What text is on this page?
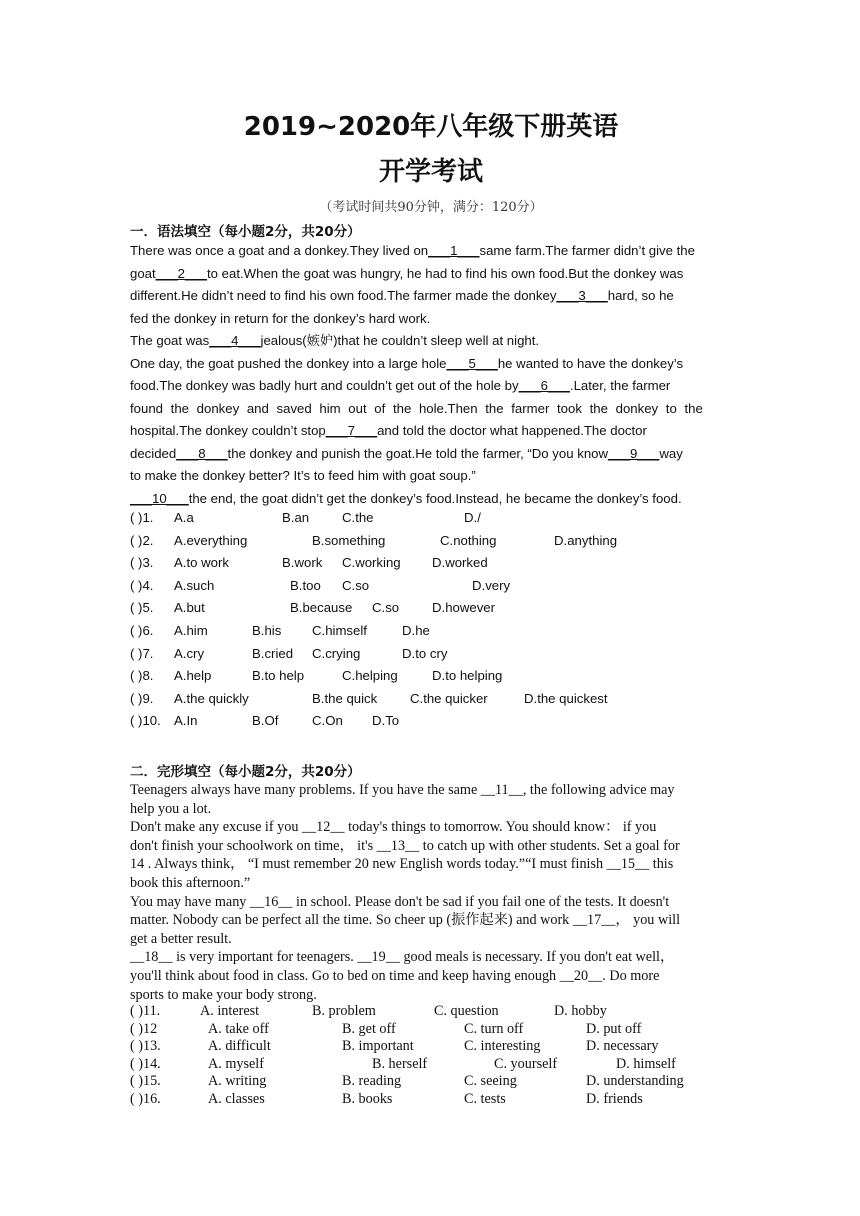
2019~2020年八年级下册英语
开学考试
（考试时间共90分钟，满分：120分）
一．语法填空（每小题2分，共20分）
There was once a goat and a donkey.They lived on___1___same farm.The farmer didn’t give the
goat___2___to eat.When the goat was hungry, he had to find his own food.But the donkey was
different.He didn’t need to find his own food.The farmer made the donkey___3___hard, so he
fed the donkey in return for the donkey’s hard work.
The goat was___4___jealous(嫉妒)that he couldn’t sleep well at night.
One day, the goat pushed the donkey into a large hole___5___he wanted to have the donkey’s
food.The donkey was badly hurt and couldn’t get out of the hole by___6___.Later, the farmer
found the donkey and saved him out of the hole.Then the farmer took the donkey to the
hospital.The donkey couldn’t stop___7___and told the doctor what happened.The doctor
decided___8___the donkey and punish the goat.He told the farmer, “Do you know___9___way
to make the donkey better? It’s to feed him with goat soup.”
___10___the end, the goat didn’t get the donkey’s food.Instead, he became the donkey’s food.
( )1. A.a	B.an C.the	D./
( )2. A.everything	B.something	C.nothing	D.anything
( )3. A.to work	B.work C.working D.worked
( )4. A.such	B.too C.so	D.very
( )5. A.but	B.because C.so D.however
( )6. A.him	B.his C.himself	D.he
( )7. A.cry	B.cried C.crying	D.to cry
( )8. A.help	B.to help	C.helping	D.to helping
( )9. A.the quickly	B.the quick C.the quicker	D.the quickest
( )10. A.In	B.Of	C.On D.To
二．完形填空（每小题2分，共20分）
Teenagers always have many problems. If you have the same __11__, the following advice may
help you a lot.
Don't make any excuse if you __12__ today's things to tomorrow. You should know： if you
don't finish your schoolwork on time， it's __13__ to catch up with other students. Set a goal for
14 . Always think， “I must remember 20 new English words today.”“I must finish __15__ this
book this afternoon.”
You may have many __16__ in school. Please don't be sad if you fail one of the tests. It doesn't
matter. Nobody can be perfect all the time. So cheer up (振作起来) and work __17__， you will
get a better result.
__18__ is very important for teenagers. __19__ good meals is necessary. If you don't eat well，
you'll think about food in class. Go to bed on time and keep having enough __20__. Do more
sports to make your body strong.
( )11.	A. interest	B. problem	C. question	D. hobby
( )12	A. take off	B. get off	C. turn off	D. put off
( )13.	A. difficult	B. important	C. interesting	D. necessary
( )14.	A. myself	B. herself	C. yourself	D. himself
( )15.	A. writing	B. reading	C. seeing	D. understanding
( )16.	A. classes	B. books	C. tests	D. friends
